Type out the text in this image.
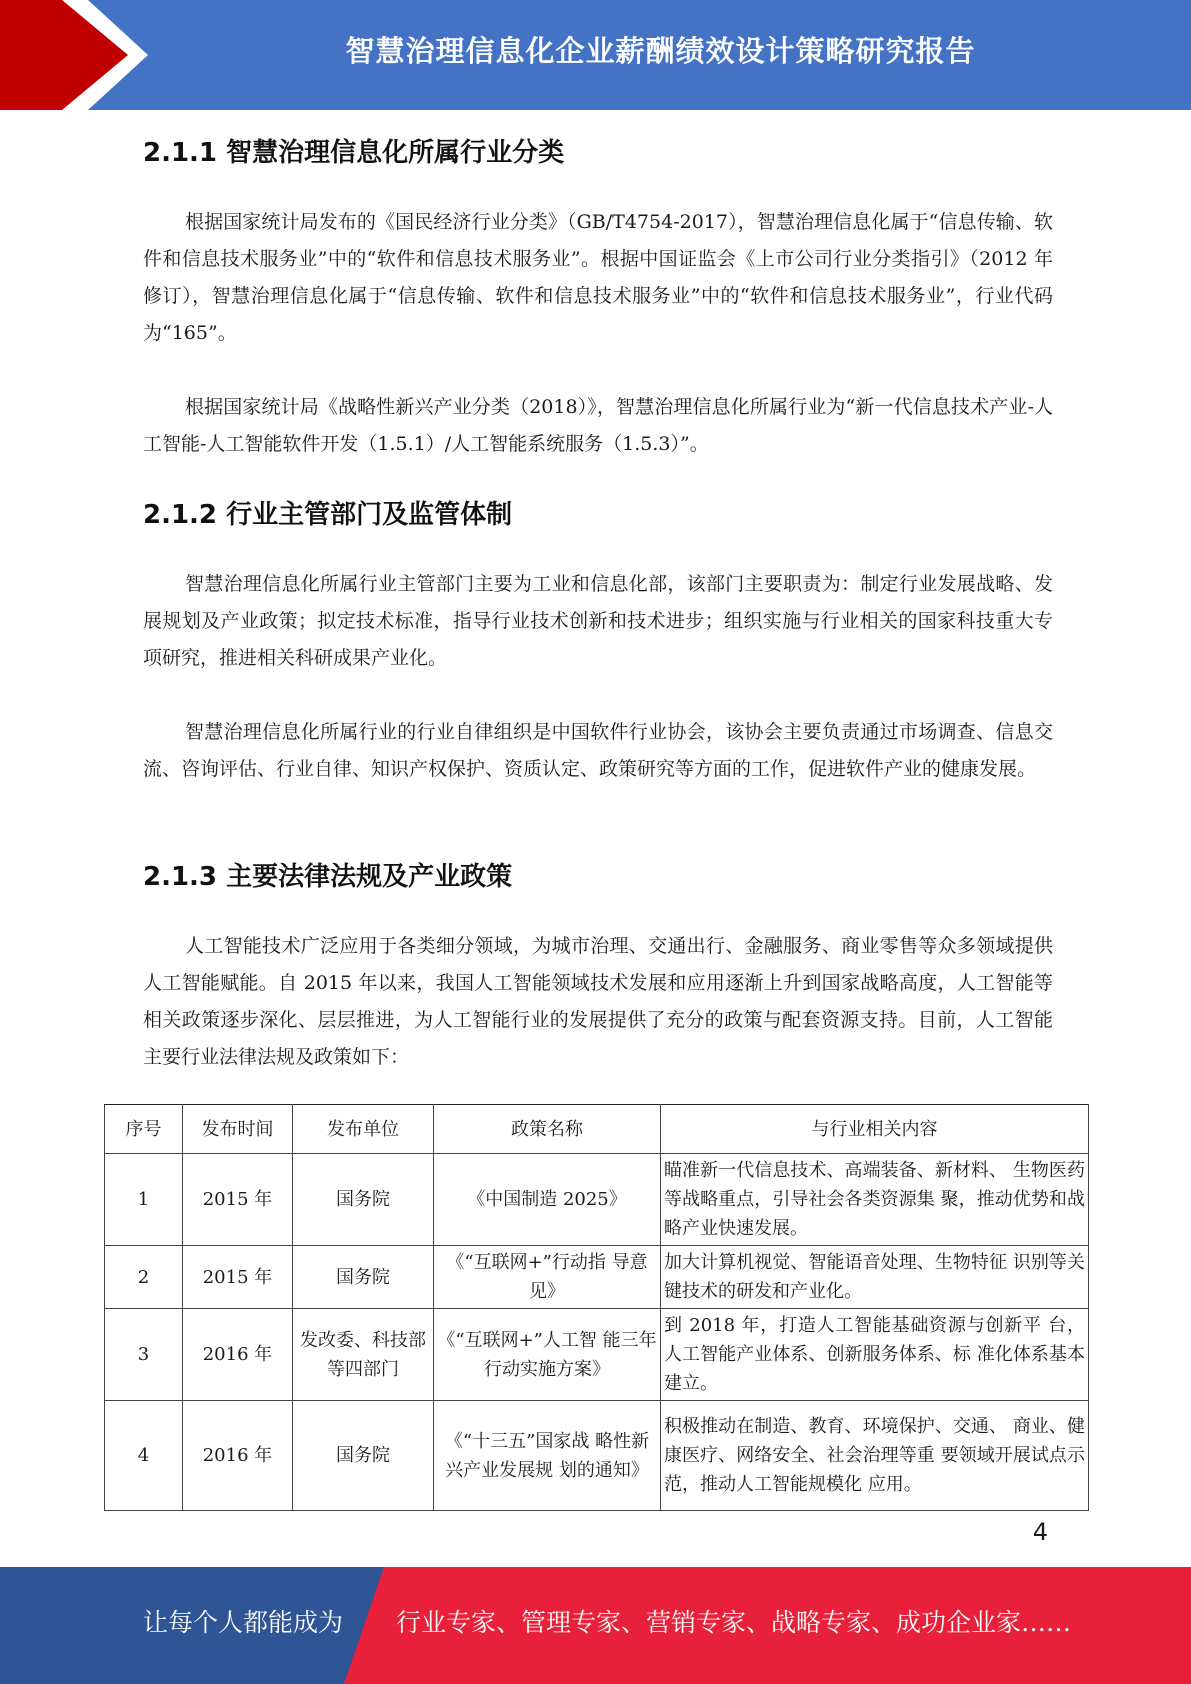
智慧治理信息化企业薪酬绩效设计策略研究报告
2.1.1 智慧治理信息化所属行业分类

根据国家统计局发布的《国民经济行业分类》（GB/T4754-2017），智慧治理信息化属于“信息传输、软件和信息技术服务业”中的“软件和信息技术服务业”。根据中国证监会《上市公司行业分类指引》（2012 年修订），智慧治理信息化属于“信息传输、软件和信息技术服务业”中的“软件和信息技术服务业”，行业代码为“165”。

根据国家统计局《战略性新兴产业分类（2018）》，智慧治理信息化所属行业为“新一代信息技术产业-人工智能-人工智能软件开发（1.5.1）/人工智能系统服务（1.5.3）”。

2.1.2 行业主管部门及监管体制

智慧治理信息化所属行业主管部门主要为工业和信息化部，该部门主要职责为：制定行业发展战略、发展规划及产业政策；拟定技术标准，指导行业技术创新和技术进步；组织实施与行业相关的国家科技重大专项研究，推进相关科研成果产业化。

智慧治理信息化所属行业的行业自律组织是中国软件行业协会，该协会主要负责通过市场调查、信息交流、咨询评估、行业自律、知识产权保护、资质认定、政策研究等方面的工作，促进软件产业的健康发展。

2.1.3 主要法律法规及产业政策

人工智能技术广泛应用于各类细分领域，为城市治理、交通出行、金融服务、商业零售等众多领域提供人工智能赋能。自 2015 年以来，我国人工智能领域技术发展和应用逐渐上升到国家战略高度，人工智能等相关政策逐步深化、层层推进，为人工智能行业的发展提供了充分的政策与配套资源支持。目前，人工智能主要行业法律法规及政策如下：

序号	发布时间	发布单位	政策名称	与行业相关内容
1	2015 年	国务院	《中国制造 2025》	瞄准新一代信息技术、高端装备、新材料、 生物医药等战略重点，引导社会各类资源集 聚，推动优势和战略产业快速发展。
2	2015 年	国务院	《“互联网+”行动指 导意见》	加大计算机视觉、智能语音处理、生物特征 识别等关键技术的研发和产业化。
3	2016 年	发改委、科技部等四部门	《“互联网+”人工智 能三年行动实施方案》	到 2018 年，打造人工智能基础资源与创新平 台，人工智能产业体系、创新服务体系、标 准化体系基本建立。
4	2016 年	国务院	《“十三五”国家战 略性新兴产业发展规 划的通知》	积极推动在制造、教育、环境保护、交通、 商业、健康医疗、网络安全、社会治理等重 要领域开展试点示范，推动人工智能规模化 应用。
4
让每个人都能成为 行业专家、管理专家、营销专家、战略专家、成功企业家……
